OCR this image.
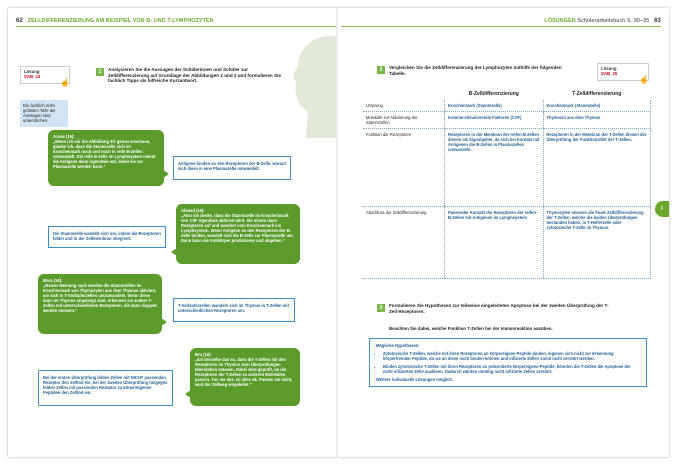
62 ZELLDIFFERENZIERUNG AM BEISPIEL VON B- UND T-LYMPHOZYTEN
Lösung
SAB_24
☝
Die fachlich nicht gelösten Teile der Aussagen sind unterstrichen.
1	Analysieren Sie die Aussagen der Schülerinnen und Schüler zur Zelldifferenzierung auf Grundlage der Abbildungen 2 und 3 und formulieren Sie fachlich Tipps als hilfreiche Kurzantwort.
Jonas (16):
„Wenn ich mir die Abbildung 2/1 genau anschaue, glaube ich, dass die Stammzelle sich im Knochenmark noch und noch in reife B-Zellen umwandelt. Die reife B-Zelle im Lymphsystem nimmt die Antigene dann irgendwie auf, damit sie zur Plasmazelle werden kann.“
Antigene binden an den Rezeptoren der B-Zelle, worauf sich diese in eine Plasmazelle umwandelt.
Ahmed (16):
„Also ich denke, dass die Stammzelle im Knochenmark von CSF irgendwie aktiviert wird. Sie nimmt dann Rezeptoren auf und wandert vom Knochenmark ins Lymphsystem. Wenn Antigene an den Rezeptoren der B-Zelle binden, wandelt sich die B-Zelle zur Plasmazelle um. Dann kann sie Antikörper produzieren und abgeben.“
Die Stammzelle wandelt sich um, indem die Rezeptoren bildet und in der Zellmembran integriert.
Mara (16):
„Meiner Meinung nach werden die Stammzellen im Knochenmark von Thymozyten aus dem Thymus aktiviert, um sich in T-Vorläuferzellen umzuwandeln. Wenn diese dann im Thymus angelangt sind, erkennen sie andere T-Zellen mit unterschiedlichen Rezeptoren, die dann doppelt werden müssen.“
T-Vorläuferzellen wandeln sich im Thymus in T-Zellen mit unterschiedlichen Rezeptoren um.
Bru (16):
„Ich verstehe das so, dass die T-Zellen mit den Rezeptoren im Thymus zwei Überprüfungen überstehen müssen. Dabei wird geprüft, ob die Rezeptoren der T-Zellen zu anderen Molekülen passen. Tun sie das, ist alles ok. Passen sie nicht, wird der Zellweg eingeleitet.“
Bei der ersten Überprüfung bilden Zellen mit NICHT passenden Rezeptor den Zelltod ein, bei der zweiten Überprüfung hingegen bilden Zellen mit passenden Rezeptor zu körpereigenen Peptiden den Zelltod ein.
LÖSUNGEN Schülerarbeitsbuch S. 30–35 63
Lösung
SAB_25
☝
2	Vergleichen Sie die Zelldifferenzierung der Lymphozyten mithilfe der folgenden Tabelle.
	B-Zelldifferenzierung	T-Zelldifferenzierung
Ursprung	Knochenmark (Stammzelle)	Knochenmark (Stammzelle)
Moleküle zur Aktivierung der Stammzellen	Kolonie-stimulierende Faktoren (CSF)	Thymosin aus dem Thymus
Funktion der Rezeptoren	Rezeptoren in der Membran der reifen B-Zellen dienen als Signalgeber, da sich bei Kontakt mit Antigenen die B-Zellen in Plasmazellen umwandeln.	Rezeptoren in der Membran der T-Zellen dienen der Überprüfung der Funktionalität der T-Zellen.
Abschluss der Zelldifferenzierung	Passender Kontakt der Rezeptoren der reifen B-Zellen mit Antigenen im Lymphsystem	Thymozyten stossen die finale Zelldifferenzierung der T-Zellen, welche die beiden Überprüfungen bestanden haben, in T-Helferzelle oder zytotoxische T-Zelle im Thymus.
3	Formulieren Sie Hypothesen zur teilweise eingeleiteten Apoptose bei der zweiten Überprüfung der T-Zell-Rezeptoren.
Beachten Sie dabei, welche Funktion T-Zellen bei der Immunreaktion ausüben.
Mögliche Hypothesen:
• Zytotoxische T-Zellen, welche mit ihren Rezeptoren an körpereigene Peptide binden, eigenen sich nicht zur Erkennung körperfremder Peptide, da sie an diese nicht binden können und infizierte Zellen somit nicht zerstört werden.
• Binden zytotoxische T-Zellen mit ihren Rezeptoren an präsentierte körpereigene Peptide, könnten die T-Zellen die Apoptose der nicht infizierten Zelle auslösen. Dadurch würden unnötig nicht infizierte Zellen zerstört.
Weitere individuelle Lösungen möglich.
I
